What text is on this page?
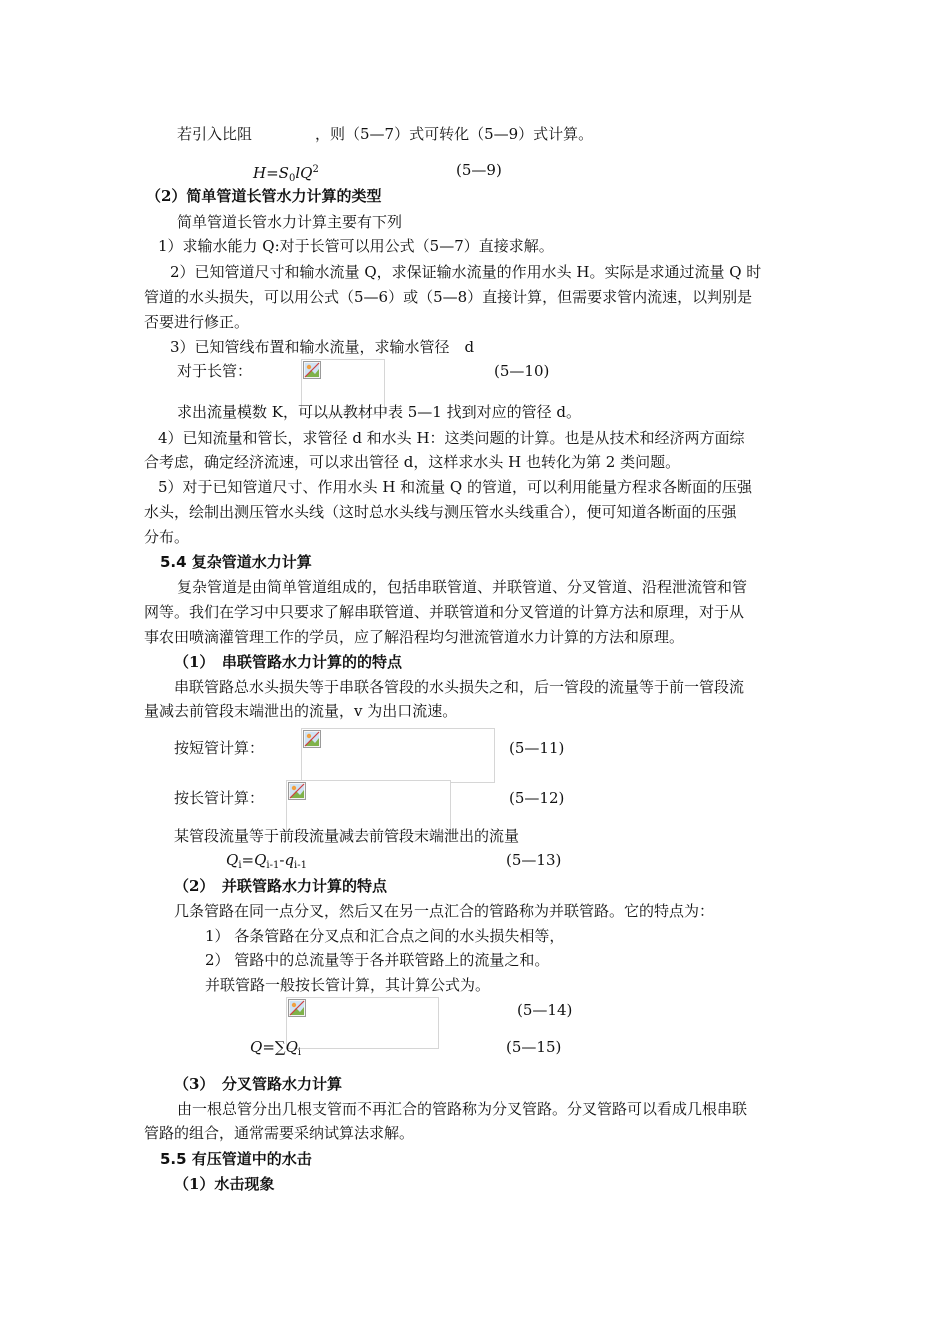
若引入比阻	，则（5—7）式可转化（5—9）式计算。
$H=S_0lQ^2$	(5—9)
（2）简单管道长管水力计算的类型
简单管道长管水力计算主要有下列
1）求输水能力 Q:对于长管可以用公式（5—7）直接求解。
2）已知管道尺寸和输水流量 Q，求保证输水流量的作用水头 H。实际是求通过流量 Q 时
管道的水头损失，可以用公式（5—6）或（5—8）直接计算，但需要求管内流速，以判别是
否要进行修正。
3）已知管线布置和输水流量，求输水管径　d
对于长管：	(5—10)
求出流量模数 K，可以从教材中表 5—1 找到对应的管径 d。
4）已知流量和管长，求管径 d 和水头 H：这类问题的计算。也是从技术和经济两方面综
合考虑，确定经济流速，可以求出管径 d，这样求水头 H 也转化为第 2 类问题。
5）对于已知管道尺寸、作用水头 H 和流量 Q 的管道，可以利用能量方程求各断面的压强
水头，绘制出测压管水头线（这时总水头线与测压管水头线重合），便可知道各断面的压强
分布。
5.4 复杂管道水力计算
复杂管道是由简单管道组成的，包括串联管道、并联管道、分叉管道、沿程泄流管和管
网等。我们在学习中只要求了解串联管道、并联管道和分叉管道的计算方法和原理，对于从
事农田喷滴灌管理工作的学员，应了解沿程均匀泄流管道水力计算的方法和原理。
（1）　串联管路水力计算的的特点
串联管路总水头损失等于串联各管段的水头损失之和，后一管段的流量等于前一管段流
量减去前管段末端泄出的流量，v 为出口流速。
按短管计算：	(5—11)
按长管计算：	(5—12)
某管段流量等于前段流量减去前管段末端泄出的流量
$Q_i=Q_{i-1}-q_{i-1}$	(5—13)
（2）　并联管路水力计算的特点
几条管路在同一点分叉，然后又在另一点汇合的管路称为并联管路。它的特点为：
1） 各条管路在分叉点和汇合点之间的水头损失相等，
2） 管路中的总流量等于各并联管路上的流量之和。
并联管路一般按长管计算，其计算公式为。
(5—14)
$Q=\sum Q_i$	(5—15)
（3）　分叉管路水力计算
由一根总管分出几根支管而不再汇合的管路称为分叉管路。分叉管路可以看成几根串联
管路的组合，通常需要采纳试算法求解。
5.5 有压管道中的水击
（1）水击现象
